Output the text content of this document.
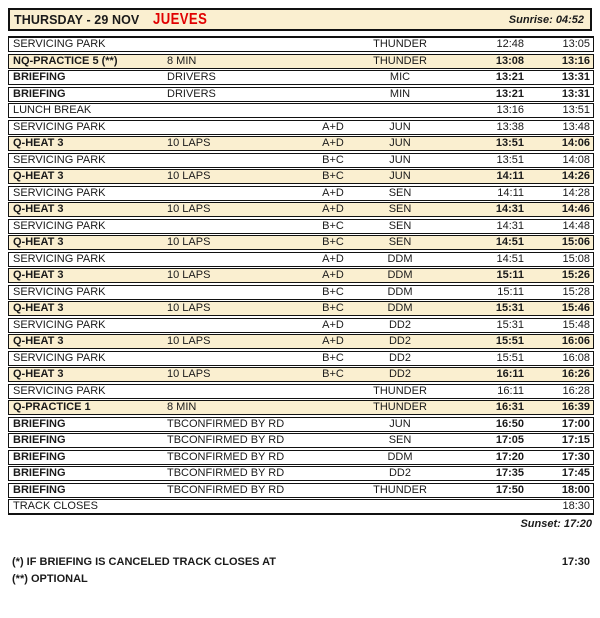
THURSDAY - 29 NOV JUEVES	Sunrise: 04:52
SERVICING PARK	THUNDER	12:48	13:05
NQ-PRACTICE 5 (**)	8 MIN	THUNDER	13:08	13:16
BRIEFING	DRIVERS	MIC	13:21	13:31
BRIEFING	DRIVERS	MIN	13:21	13:31
LUNCH BREAK	13:16	13:51
SERVICING PARK	A+D	JUN	13:38	13:48
Q-HEAT 3	10 LAPS	A+D	JUN	13:51	14:06
SERVICING PARK	B+C	JUN	13:51	14:08
Q-HEAT 3	10 LAPS	B+C	JUN	14:11	14:26
SERVICING PARK	A+D	SEN	14:11	14:28
Q-HEAT 3	10 LAPS	A+D	SEN	14:31	14:46
SERVICING PARK	B+C	SEN	14:31	14:48
Q-HEAT 3	10 LAPS	B+C	SEN	14:51	15:06
SERVICING PARK	A+D	DDM	14:51	15:08
Q-HEAT 3	10 LAPS	A+D	DDM	15:11	15:26
SERVICING PARK	B+C	DDM	15:11	15:28
Q-HEAT 3	10 LAPS	B+C	DDM	15:31	15:46
SERVICING PARK	A+D	DD2	15:31	15:48
Q-HEAT 3	10 LAPS	A+D	DD2	15:51	16:06
SERVICING PARK	B+C	DD2	15:51	16:08
Q-HEAT 3	10 LAPS	B+C	DD2	16:11	16:26
SERVICING PARK	THUNDER	16:11	16:28
Q-PRACTICE 1	8 MIN	THUNDER	16:31	16:39
BRIEFING	TBCONFIRMED BY RD	JUN	16:50	17:00
BRIEFING	TBCONFIRMED BY RD	SEN	17:05	17:15
BRIEFING	TBCONFIRMED BY RD	DDM	17:20	17:30
BRIEFING	TBCONFIRMED BY RD	DD2	17:35	17:45
BRIEFING	TBCONFIRMED BY RD	THUNDER	17:50	18:00
TRACK CLOSES	18:30
Sunset: 17:20
(*) IF BRIEFING IS CANCELED TRACK CLOSES AT	17:30
(**) OPTIONAL
